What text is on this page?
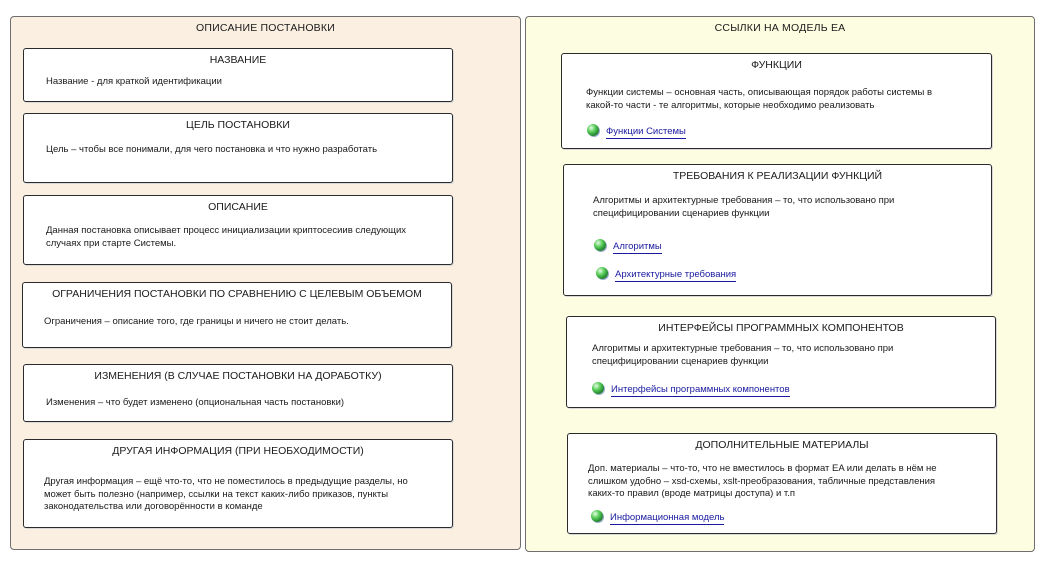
ОПИСАНИЕ ПОСТАНОВКИ
НАЗВАНИЕ
Название - для краткой идентификации
ЦЕЛЬ ПОСТАНОВКИ
Цель – чтобы все понимали, для чего постановка и что нужно разработать
ОПИСАНИЕ
Данная постановка описывает процесс инициализации криптосесиив следующих
случаях при старте Системы.
ОГРАНИЧЕНИЯ ПОСТАНОВКИ ПО СРАВНЕНИЮ С ЦЕЛЕВЫМ ОБЪЕМОМ
Ограничения – описание того, где границы и ничего не стоит делать.
ИЗМЕНЕНИЯ (В СЛУЧАЕ ПОСТАНОВКИ НА ДОРАБОТКУ)
Изменения – что будет изменено (опциональная часть постановки)
ДРУГАЯ ИНФОРМАЦИЯ (ПРИ НЕОБХОДИМОСТИ)
Другая информация – ещё что-то, что не поместилось в предыдущие разделы, но
может быть полезно (например, ссылки на текст каких-либо приказов, пункты
законодательства или договорённости в команде
ССЫЛКИ НА МОДЕЛЬ EA
ФУНКЦИИ
Функции системы – основная часть, описывающая порядок работы системы в
какой-то части - те алгоритмы, которые необходимо реализовать
Функции Системы
ТРЕБОВАНИЯ К РЕАЛИЗАЦИИ ФУНКЦИЙ
Алгоритмы и архитектурные требования – то, что использовано при
специфицировании сценариев функции
Алгоритмы
Архитектурные требования
ИНТЕРФЕЙСЫ ПРОГРАММНЫХ КОМПОНЕНТОВ
Алгоритмы и архитектурные требования – то, что использовано при
специфицировании сценариев функции
Интерфейсы программных компонентов
ДОПОЛНИТЕЛЬНЫЕ МАТЕРИАЛЫ
Доп. материалы – что-то, что не вместилось в формат EA или делать в нём не
слишком удобно – xsd-схемы, xslt-преобразования, табличные представления
каких-то правил (вроде матрицы доступа) и т.п
Информационная модель
